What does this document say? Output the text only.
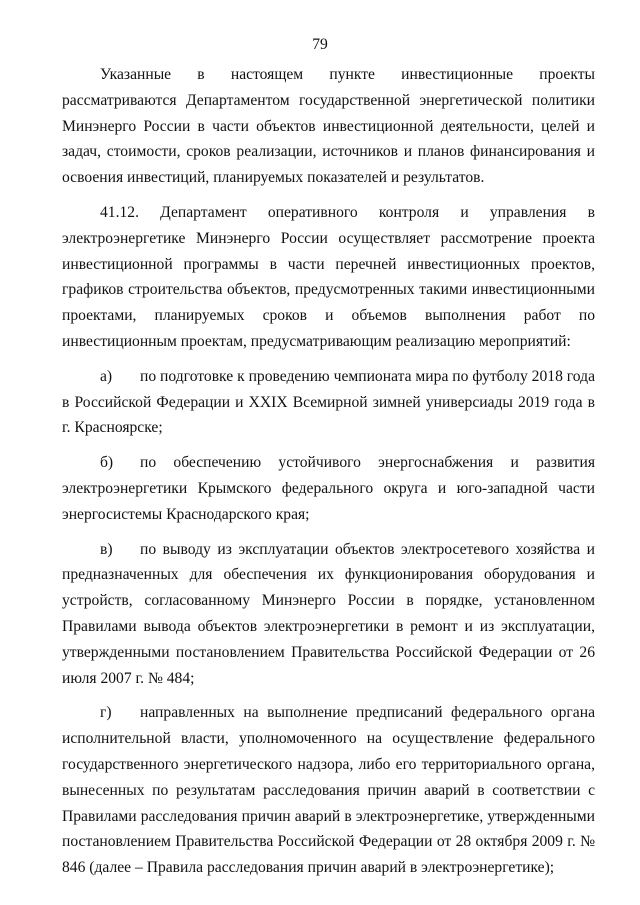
79

Указанные в настоящем пункте инвестиционные проекты рассматриваются Департаментом государственной энергетической политики Минэнерго России в части объектов инвестиционной деятельности, целей и задач, стоимости, сроков реализации, источников и планов финансирования и освоения инвестиций, планируемых показателей и результатов.

41.12. Департамент оперативного контроля и управления в электроэнергетике Минэнерго России осуществляет рассмотрение проекта инвестиционной программы в части перечней инвестиционных проектов, графиков строительства объектов, предусмотренных такими инвестиционными проектами, планируемых сроков и объемов выполнения работ по инвестиционным проектам, предусматривающим реализацию мероприятий:

а) по подготовке к проведению чемпионата мира по футболу 2018 года в Российской Федерации и XXIX Всемирной зимней универсиады 2019 года в г. Красноярске;

б) по обеспечению устойчивого энергоснабжения и развития электроэнергетики Крымского федерального округа и юго-западной части энергосистемы Краснодарского края;

в) по выводу из эксплуатации объектов электросетевого хозяйства и предназначенных для обеспечения их функционирования оборудования и устройств, согласованному Минэнерго России в порядке, установленном Правилами вывода объектов электроэнергетики в ремонт и из эксплуатации, утвержденными постановлением Правительства Российской Федерации от 26 июля 2007 г. № 484;

г) направленных на выполнение предписаний федерального органа исполнительной власти, уполномоченного на осуществление федерального государственного энергетического надзора, либо его территориального органа, вынесенных по результатам расследования причин аварий в соответствии с Правилами расследования причин аварий в электроэнергетике, утвержденными постановлением Правительства Российской Федерации от 28 октября 2009 г. № 846 (далее – Правила расследования причин аварий в электроэнергетике);
